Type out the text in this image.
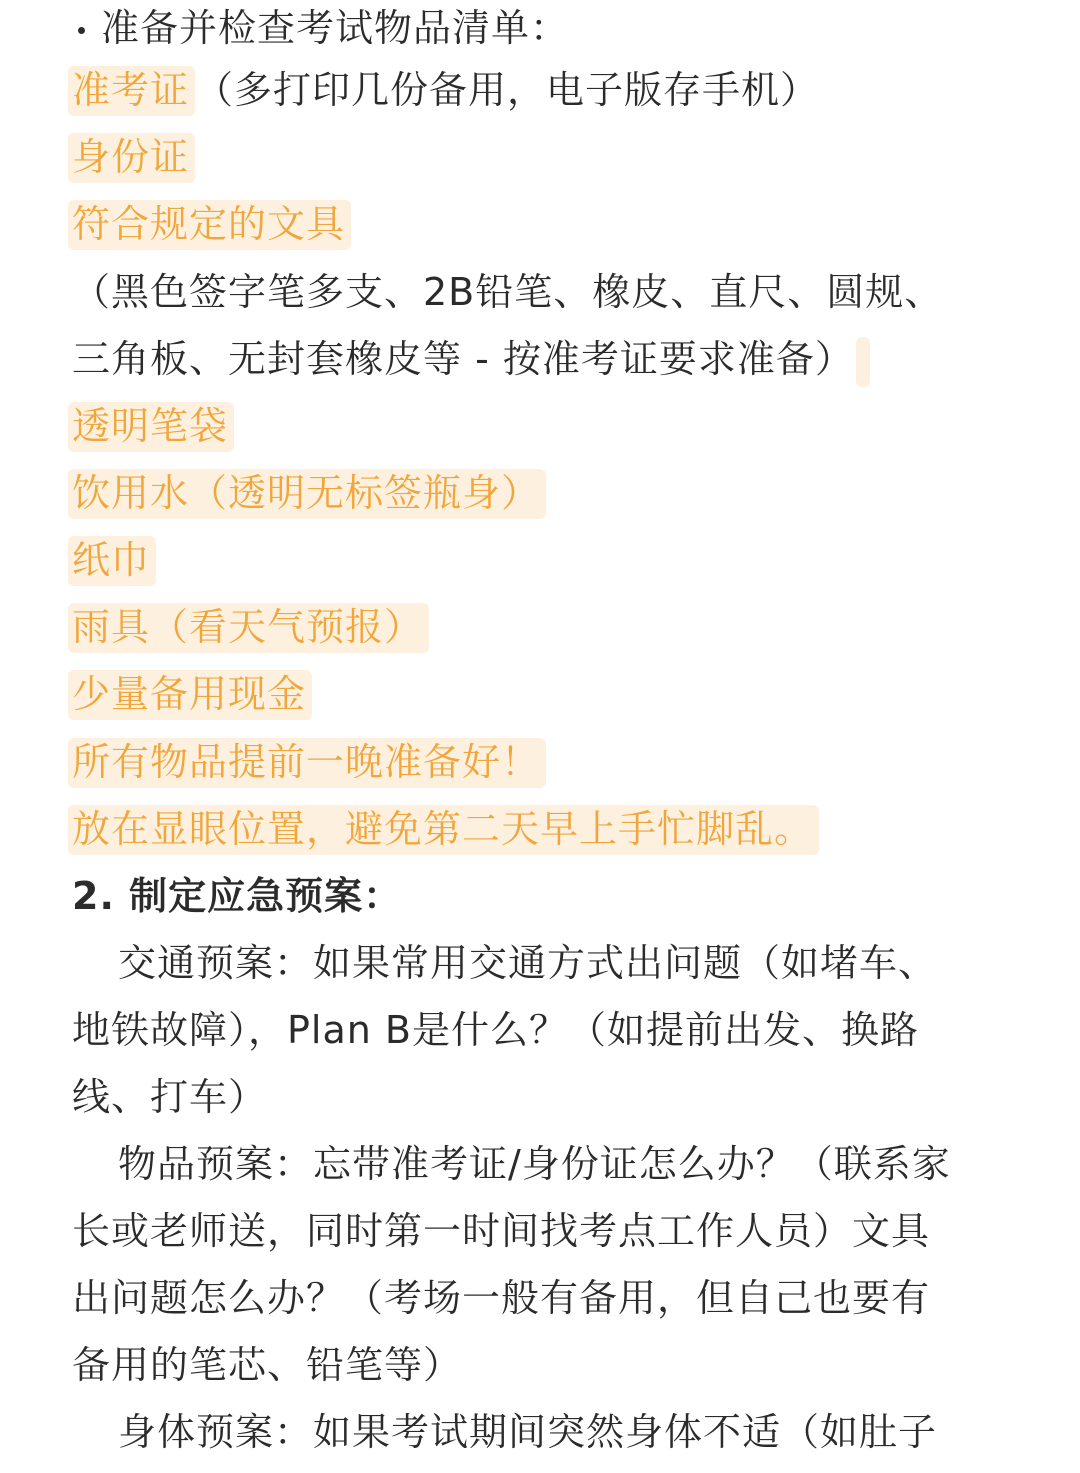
准备并检查考试物品清单：
准考证 （多打印几份备用，电子版存手机）
身份证
符合规定的文具
（黑色签字笔多支、2B铅笔、橡皮、直尺、圆规、
三角板、无封套橡皮等 - 按准考证要求准备）
透明笔袋
饮用水（透明无标签瓶身）
纸巾
雨具（看天气预报）
少量备用现金
所有物品提前一晚准备好！
放在显眼位置，避免第二天早上手忙脚乱。
2. 制定应急预案：
交通预案：如果常用交通方式出问题（如堵车、
地铁故障），Plan B是什么？（如提前出发、换路
线、打车）
物品预案：忘带准考证/身份证怎么办？（联系家
长或老师送，同时第一时间找考点工作人员）文具
出问题怎么办？（考场一般有备用，但自己也要有
备用的笔芯、铅笔等）
身体预案：如果考试期间突然身体不适（如肚子
